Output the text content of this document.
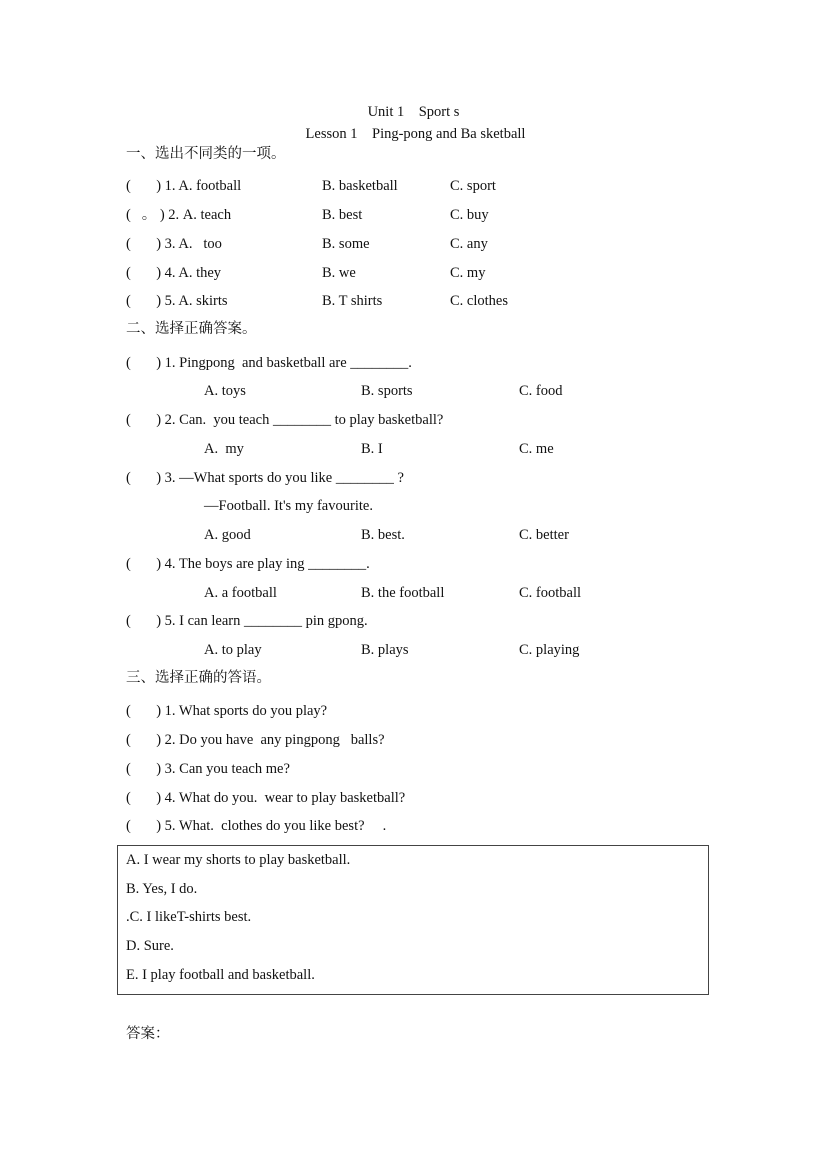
Unit 1    Sport s
Lesson 1    Ping-pong and Ba sketball
一、选出不同类的一项。
(       ) 1. A. football	B. basketball	C. sport
(   。 ) 2. A. teach	B. best	C. buy
(       ) 3. A.   too	B. some	C. any
(       ) 4. A. they	B. we	C. my
(       ) 5. A. skirts	B. T shirts	C. clothes
二、选择正确答案。
(       ) 1. Pingpong  and basketball are ________.
A. toys	B. sports	C. food
(       ) 2. Can.  you teach ________ to play basketball?
A.  my	B. I	C. me
(       ) 3. —What sports do you like ________ ?
—Football. It's my favourite.
A. good	B. best.	C. better
(       ) 4. The boys are play ing ________.
A. a football	B. the football	C. football
(       ) 5. I can learn ________ pin gpong.
A. to play	B. plays	C. playing
三、选择正确的答语。
(       ) 1. What sports do you play?
(       ) 2. Do you have  any pingpong   balls?
(       ) 3. Can you teach me?
(       ) 4. What do you.  wear to play basketball?
(       ) 5. What.  clothes do you like best?     .
A. I wear my shorts to play basketball.
B. Yes, I do.
.C. I likeT-shirts best.
D. Sure.
E. I play football and basketball.
答案：
